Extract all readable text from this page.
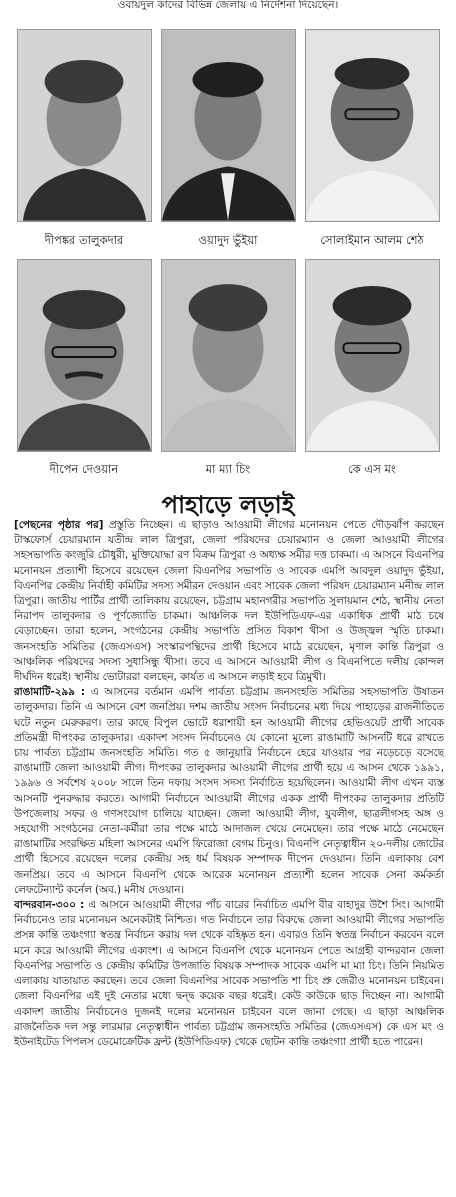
ওবায়দুল কাদের বিভিন্ন জেলায় এ নির্দেশনা দিয়েছেন।
দীপঙ্কর তালুকদার	ওয়াদুদ ভুঁইয়া	সোলাইমান আলম শেঠ
দীপেন দেওয়ান	মা ম্যা চিং	কে এস মং
পাহাড়ে লড়াই

[পেছনের পৃষ্ঠার পর] প্রস্তুতি নিচ্ছেন। এ ছাড়াও আওয়ামী লীগের মনোনয়ন পেতে দৌড়ঝাঁপ করছেন টাস্কফোর্স চেয়ারম্যান যতীন্দ্র লাল ত্রিপুরা, জেলা পরিষদের চেয়ারম্যান ও জেলা আওয়ামী লীগের সহসভাপতি কংজুরি চৌধুরী, মুক্তিযোদ্ধা রণ বিক্রম ত্রিপুরা ও অধ্যক্ষ সমীর দত্ত চাকমা। এ আসনে বিএনপির মনোনয়ন প্রত্যাশী হিসেবে রয়েছেন জেলা বিএনপির সভাপতি ও সাবেক এমপি আবদুল ওয়াদুদ ভুঁইয়া, বিএনপির কেন্দ্রীয় নির্বাহী কমিটির সদস্য সমীরন দেওয়ান এবং সাবেক জেলা পরিষদ চেয়ারম্যান মনীন্দ্র লাল ত্রিপুরা। জাতীয় পার্টির প্রার্থী তালিকায় রয়েছেন, চট্টগ্রাম মহানগরীর সভাপতি সুলায়মান শেঠ, স্থানীয় নেতা নিরাপদ তালুকদার ও পূর্ণজ্যোতি চাকমা। আঞ্চলিক দল ইউপিডিএফ-এর একাধিক প্রার্থী মাঠ চষে বেড়াচ্ছেন। তারা হলেন, সংগঠনের কেন্দ্রীয় সভাপতি প্রসিত বিকাশ খীসা ও উজ্জ্বল স্মৃতি চাকমা। জনসংহতি সমিতির (জেএসএস) সংস্কারপন্থিদের প্রার্থী হিসেবে মাঠে রয়েছেন, মৃণাল কান্তি ত্রিপুরা ও আঞ্চলিক পরিষদের সদস্য সুধাসিন্ধু খীসা। তবে এ আসনে আওয়ামী লীগ ও বিএনপিতে দলীয় কোন্দল দীর্ঘদিন ধরেই। স্থানীয় ভোটাররা বলছেন, কার্যত এ আসনে লড়াই হবে ত্রিমুখী।

রাঙামাটি-২৯৯ : এ আসনের বর্তমান এমপি পার্বত্য চট্টগ্রাম জনসংহতি সমিতির সহসভাপতি উষাতন তালুকদার। তিনি এ আসনে বেশ জনপ্রিয়। দশম জাতীয় সংসদ নির্বাচনের মধ্য দিয়ে পাহাড়ের রাজনীতিতে ঘটে নতুন মেরুকরণ। তার কাছে বিপুল ভোটে ধরাশায়ী হন আওয়ামী লীগের হেভিওয়েট প্রার্থী সাবেক প্রতিমন্ত্রী দীপংকর তালুকদার। একাদশ সংসদ নির্বাচনেও যে কোনো মূল্যে রাঙামাটি আসনটি ধরে রাখতে চায় পার্বত্য চট্টগ্রাম জনসংহতি সমিতি। গত ৫ জানুয়ারি নির্বাচনে হেরে যাওয়ার পর নড়েচড়ে বসেছে রাঙামাটি জেলা আওয়ামী লীগ। দীপংকর তালুকদার আওয়ামী লীগের প্রার্থী হয়ে এ আসন থেকে ১৯৯১, ১৯৯৬ ও সর্বশেষ ২০০৮ সালে তিন দফায় সংসদ সদস্য নির্বাচিত হয়েছিলেন। আওয়ামী লীগ এখন ব্যস্ত আসনটি পুনরুদ্ধার করতে। আগামী নির্বাচনে আওয়ামী লীগের একক প্রার্থী দীপংকর তালুকদার প্রতিটি উপজেলায় সফর ও গণসংযোগ চালিয়ে যাচ্ছেন। জেলা আওয়ামী লীগ, যুবলীগ, ছাত্রলীগসহ অঙ্গ ও সহযোগী সংগঠনের নেতা-কর্মীরা তার পক্ষে মাঠে আদাজল খেয়ে নেমেছেন। তার পক্ষে মাঠে নেমেছেন রাঙামাটির সংরক্ষিত মহিলা আসনের এমপি ফিরোজা বেগম চিনুও। বিএনপি নেতৃত্বাধীন ২০-দলীয় জোটের প্রার্থী হিসেবে রয়েছেন দলের কেন্দ্রীয় সহ ধর্ম বিষয়ক সম্পাদক দীপেন দেওয়ান। তিনি এলাকায় বেশ জনপ্রিয়। তবে এ আসনে বিএনপি থেকে আরেক মনোনয়ন প্রত্যাশী হলেন সাবেক সেনা কর্মকর্তা লেফটেন্যান্ট কর্নেল (অব.) মনীষ দেওয়ান।

বান্দরবান-৩০০ : এ আসনে আওয়ামী লীগের পাঁচ বারের নির্বাচিত এমপি বীর বাহাদুর উশৈ সিং। আগামী নির্বাচনেও তার মনোনয়ন অনেকটাই নিশ্চিত। গত নির্বাচনে তার বিরুদ্ধে জেলা আওয়ামী লীগের সভাপতি প্রসন্ন কান্তি তঞ্চংগ্যা স্বতন্ত্র নির্বাচন করায় দল থেকে বহিষ্কৃত হন। এবারও তিনি স্বতন্ত্র নির্বাচন করবেন বলে মনে করে আওয়ামী লীগের একাংশ। এ আসনে বিএনপি থেকে মনোনয়ন পেতে আগ্রহী বান্দরবান জেলা বিএনপির সভাপতি ও কেন্দ্রীয় কমিটির উপজাতি বিষয়ক সম্পাদক সাবেক এমপি মা ম্যা চিং। তিনি নিয়মিত এলাকায় যাতায়াত করছেন। তবে জেলা বিএনপির সাবেক সভাপতি শা চিং প্রু জেরীও মনোনয়ন চাইবেন। জেলা বিএনপির এই দুই নেতার মধ্যে দ্বন্দ্ব কয়েক বছর ধরেই। কেউ কাউকে ছাড় দিচ্ছেন না। আগামী একাদশ জাতীয় নির্বাচনেও দুজনই দলের মনোনয়ন চাইবেন বলে জানা গেছে। এ ছাড়া আঞ্চলিক রাজনৈতিক দল সন্তু লারমার নেতৃত্বাধীন পার্বত্য চট্টগ্রাম জনসংহতি সমিতির (জেএসএস) কে এস মং ও ইউনাইটেড পিপলস ডেমোক্রেটিক ফ্রন্ট (ইউপিডিএফ) থেকে ছোটন কান্তি তঞ্চংগ্যা প্রার্থী হতে পারেন।
